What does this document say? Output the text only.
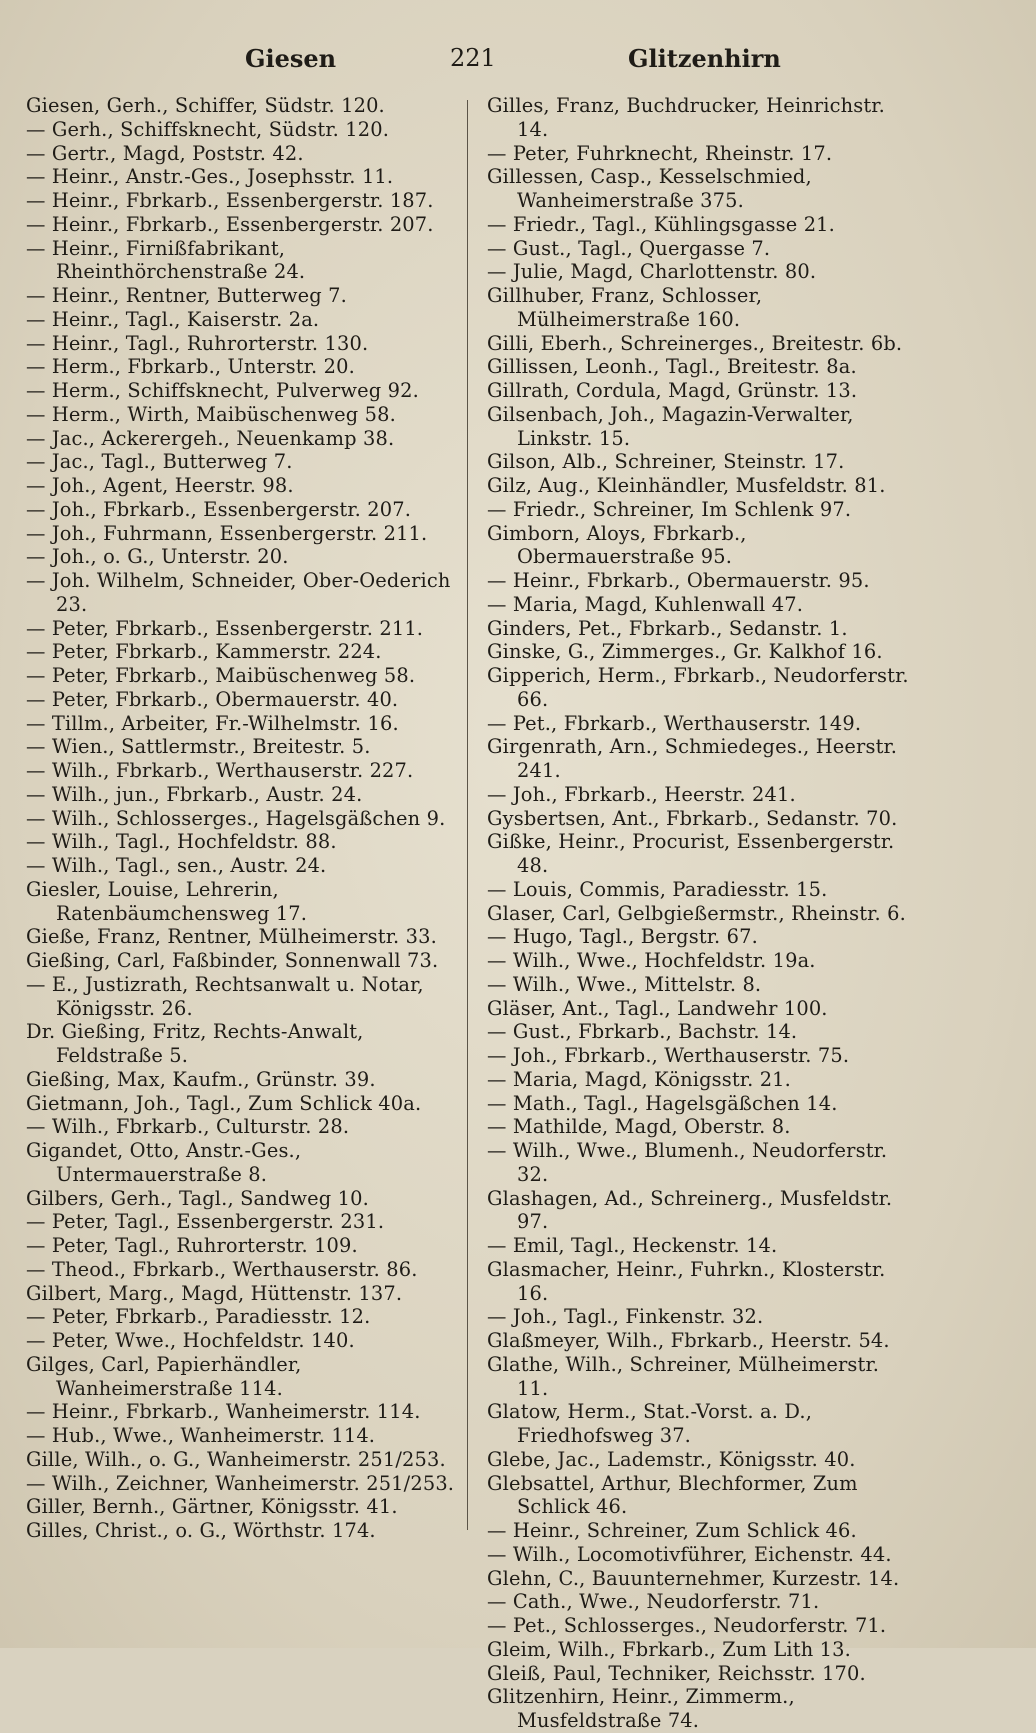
Giesen	221	Glitzenhirn
Giesen, Gerh., Schiffer, Südstr. 120.
— Gerh., Schiffsknecht, Südstr. 120.
— Gertr., Magd, Poststr. 42.
— Heinr., Anstr.-Ges., Josephsstr. 11.
— Heinr., Fbrkarb., Essenbergerstr. 187.
— Heinr., Fbrkarb., Essenbergerstr. 207.
— Heinr., Firnißfabrikant, Rheinthörchenstraße 24.
— Heinr., Rentner, Butterweg 7.
— Heinr., Tagl., Kaiserstr. 2a.
— Heinr., Tagl., Ruhrorterstr. 130.
— Herm., Fbrkarb., Unterstr. 20.
— Herm., Schiffsknecht, Pulverweg 92.
— Herm., Wirth, Maibüschenweg 58.
— Jac., Ackerergeh., Neuenkamp 38.
— Jac., Tagl., Butterweg 7.
— Joh., Agent, Heerstr. 98.
— Joh., Fbrkarb., Essenbergerstr. 207.
— Joh., Fuhrmann, Essenbergerstr. 211.
— Joh., o. G., Unterstr. 20.
— Joh. Wilhelm, Schneider, Ober-Oederich 23.
— Peter, Fbrkarb., Essenbergerstr. 211.
— Peter, Fbrkarb., Kammerstr. 224.
— Peter, Fbrkarb., Maibüschenweg 58.
— Peter, Fbrkarb., Obermauerstr. 40.
— Tillm., Arbeiter, Fr.-Wilhelmstr. 16.
— Wien., Sattlermstr., Breitestr. 5.
— Wilh., Fbrkarb., Werthauserstr. 227.
— Wilh., jun., Fbrkarb., Austr. 24.
— Wilh., Schlosserges., Hagelsgäßchen 9.
— Wilh., Tagl., Hochfeldstr. 88.
— Wilh., Tagl., sen., Austr. 24.
Giesler, Louise, Lehrerin, Ratenbäumchensweg 17.
Gieße, Franz, Rentner, Mülheimerstr. 33.
Gießing, Carl, Faßbinder, Sonnenwall 73.
— E., Justizrath, Rechtsanwalt u. Notar, Königsstr. 26.
Dr. Gießing, Fritz, Rechts-Anwalt, Feldstraße 5.
Gießing, Max, Kaufm., Grünstr. 39.
Gietmann, Joh., Tagl., Zum Schlick 40a.
— Wilh., Fbrkarb., Culturstr. 28.
Gigandet, Otto, Anstr.-Ges., Untermauerstraße 8.
Gilbers, Gerh., Tagl., Sandweg 10.
— Peter, Tagl., Essenbergerstr. 231.
— Peter, Tagl., Ruhrorterstr. 109.
— Theod., Fbrkarb., Werthauserstr. 86.
Gilbert, Marg., Magd, Hüttenstr. 137.
— Peter, Fbrkarb., Paradiesstr. 12.
— Peter, Wwe., Hochfeldstr. 140.
Gilges, Carl, Papierhändler, Wanheimerstraße 114.
— Heinr., Fbrkarb., Wanheimerstr. 114.
— Hub., Wwe., Wanheimerstr. 114.
Gille, Wilh., o. G., Wanheimerstr. 251/253.
— Wilh., Zeichner, Wanheimerstr. 251/253.
Giller, Bernh., Gärtner, Königsstr. 41.
Gilles, Christ., o. G., Wörthstr. 174.
Gilles, Franz, Buchdrucker, Heinrichstr. 14.
— Peter, Fuhrknecht, Rheinstr. 17.
Gillessen, Casp., Kesselschmied, Wanheimerstraße 375.
— Friedr., Tagl., Kühlingsgasse 21.
— Gust., Tagl., Quergasse 7.
— Julie, Magd, Charlottenstr. 80.
Gillhuber, Franz, Schlosser, Mülheimerstraße 160.
Gilli, Eberh., Schreinerges., Breitestr. 6b.
Gillissen, Leonh., Tagl., Breitestr. 8a.
Gillrath, Cordula, Magd, Grünstr. 13.
Gilsenbach, Joh., Magazin-Verwalter, Linkstr. 15.
Gilson, Alb., Schreiner, Steinstr. 17.
Gilz, Aug., Kleinhändler, Musfeldstr. 81.
— Friedr., Schreiner, Im Schlenk 97.
Gimborn, Aloys, Fbrkarb., Obermauerstraße 95.
— Heinr., Fbrkarb., Obermauerstr. 95.
— Maria, Magd, Kuhlenwall 47.
Ginders, Pet., Fbrkarb., Sedanstr. 1.
Ginske, G., Zimmerges., Gr. Kalkhof 16.
Gipperich, Herm., Fbrkarb., Neudorferstr. 66.
— Pet., Fbrkarb., Werthauserstr. 149.
Girgenrath, Arn., Schmiedeges., Heerstr. 241.
— Joh., Fbrkarb., Heerstr. 241.
Gysbertsen, Ant., Fbrkarb., Sedanstr. 70.
Gißke, Heinr., Procurist, Essenbergerstr. 48.
— Louis, Commis, Paradiesstr. 15.
Glaser, Carl, Gelbgießermstr., Rheinstr. 6.
— Hugo, Tagl., Bergstr. 67.
— Wilh., Wwe., Hochfeldstr. 19a.
— Wilh., Wwe., Mittelstr. 8.
Gläser, Ant., Tagl., Landwehr 100.
— Gust., Fbrkarb., Bachstr. 14.
— Joh., Fbrkarb., Werthauserstr. 75.
— Maria, Magd, Königsstr. 21.
— Math., Tagl., Hagelsgäßchen 14.
— Mathilde, Magd, Oberstr. 8.
— Wilh., Wwe., Blumenh., Neudorferstr. 32.
Glashagen, Ad., Schreinerg., Musfeldstr. 97.
— Emil, Tagl., Heckenstr. 14.
Glasmacher, Heinr., Fuhrkn., Klosterstr. 16.
— Joh., Tagl., Finkenstr. 32.
Glaßmeyer, Wilh., Fbrkarb., Heerstr. 54.
Glathe, Wilh., Schreiner, Mülheimerstr. 11.
Glatow, Herm., Stat.-Vorst. a. D., Friedhofsweg 37.
Glebe, Jac., Lademstr., Königsstr. 40.
Glebsattel, Arthur, Blechformer, Zum Schlick 46.
— Heinr., Schreiner, Zum Schlick 46.
— Wilh., Locomotivführer, Eichenstr. 44.
Glehn, C., Bauunternehmer, Kurzestr. 14.
— Cath., Wwe., Neudorferstr. 71.
— Pet., Schlosserges., Neudorferstr. 71.
Gleim, Wilh., Fbrkarb., Zum Lith 13.
Gleiß, Paul, Techniker, Reichsstr. 170.
Glitzenhirn, Heinr., Zimmerm., Musfeldstraße 74.
